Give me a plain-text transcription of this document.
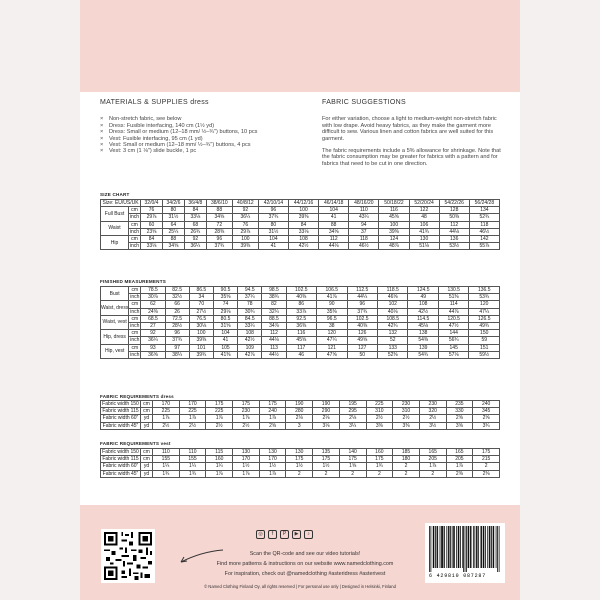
MATERIALS & SUPPLIES dress
× Non-stretch fabric, see below
× Dress: Fusible interfacing, 140 cm (1½ yd)
× Dress: Small or medium (12–18 mm/ ½–¾") buttons, 10 pcs
× Vest: Fusible interfacing, 95 cm (1 yd)
× Vest: Small or medium (12–18 mm/ ½–¾") buttons, 4 pcs
× Vest: 3 cm (1 ⅛") slide buckle, 1 pc
FABRIC SUGGESTIONS

For either variation, choose a light to medium-weight non-stretch fabric with low drape. Avoid heavy fabrics, as they make the garment more difficult to sew. Various linen and cotton fabrics are well suited for this garment.

The fabric requirements include a 5% allowance for shrinkage. Note that the fabric consumption may be greater for fabrics with a pattern and for fabrics that need to be cut in one direction.

SIZE CHART
Size: EU/US/UK		32/0/4	34/2/6	36/4/8	38/6/10	40/8/12	42/10/14	44/12/16	46/14/18	48/16/20	50/18/22	52/20/24	54/22/26	56/24/28
Full Bust	cm	76	80	84	88	92	96	100	104	110	116	122	128	134
	inch	29⅞	31½	33⅛	34⅝	36¼	37¾	39⅜	41	43¼	45⅝	48	50⅜	52¾
Waist	cm	60	64	68	72	76	80	84	88	94	100	106	112	118
	inch	23⅝	25¼	26¾	28⅜	29⅞	31½	33⅛	34⅝	37	39⅜	41¾	44⅛	46½
Hip	cm	84	88	92	96	100	104	108	112	118	124	130	136	142
	inch	33⅛	34⅝	36¼	37¾	39⅜	41	42½	44⅛	46½	48⅞	51⅛	53½	55⅞
FINISHED MEASUREMENTS
Bust	cm	78.5	82.5	86.5	90.5	94.5	98.5	102.5	106.5	112.5	118.5	124.5	130.5	136.5
	inch	30⅞	32½	34	35⅝	37¼	38¾	40⅜	41⅞	44¼	46⅝	49	51⅜	53¾
Waist, dress	cm	62	66	70	74	78	82	86	90	96	102	108	114	120
	inch	24⅜	26	27½	29⅛	30¾	32¼	33⅞	35⅜	37¾	40⅛	42½	44⅞	47¼
Waist, vest	cm	68.5	72.5	76.5	80.5	84.5	88.5	92.5	96.5	102.5	108.5	114.5	120.5	126.5
	inch	27	28½	30⅛	31⅝	33¼	34⅞	36⅜	38	40⅜	42¾	45⅛	47½	49¾
Hip, dress	cm	92	96	100	104	108	112	116	120	126	132	138	144	150
	inch	36¼	37¾	39⅜	41	42½	44⅛	45⅝	47¼	49⅝	52	54⅜	56¾	59
Hip, vest	cm	93	97	101	105	109	113	117	121	127	133	139	145	151
	inch	36⅝	38¼	39¾	41⅜	42⅞	44½	46	47⅝	50	52⅜	54¾	57⅛	59½
FABRIC REQUIREMENTS dress
Fabric width 150	cm	170	170	175	175	175	190	190	195	225	230	230	235	240
Fabric width 115	cm	225	225	225	230	240	280	290	295	310	310	320	330	345
Fabric width 60"	yd	1⅞	1⅞	1⅞	1⅞	1⅞	2⅛	2⅛	2⅛	2½	2½	2½	2⅝	2⅝
Fabric width 45"	yd	2½	2½	2½	2½	2⅝	3	3⅛	3¼	3⅜	3⅜	3½	3⅝	3¾
FABRIC REQUIREMENTS vest
Fabric width 150	cm	110	110	115	130	130	130	135	140	160	185	165	165	175
Fabric width 115	cm	155	155	160	170	170	175	175	175	175	180	205	205	215
Fabric width 60"	yd	1¼	1¼	1¼	1½	1½	1½	1½	1⅝	1¾	2	1⅞	1⅞	2
Fabric width 45"	yd	1¾	1¾	1⅞	1⅞	1⅞	2	2	2	2	2	2	2⅜	2⅜
◎	f	P	▶	♪
Scan the QR-code and see our video tutorials!
Find more patterns & instructions on our website www.namedclothing.com
For inspiration, check out @namedclothing #asteridress #asterivest
© Named Clothing Finland Oy, all rights reserved | For personal use only | Designed in Helsinki, Finland
6 429810 087287
